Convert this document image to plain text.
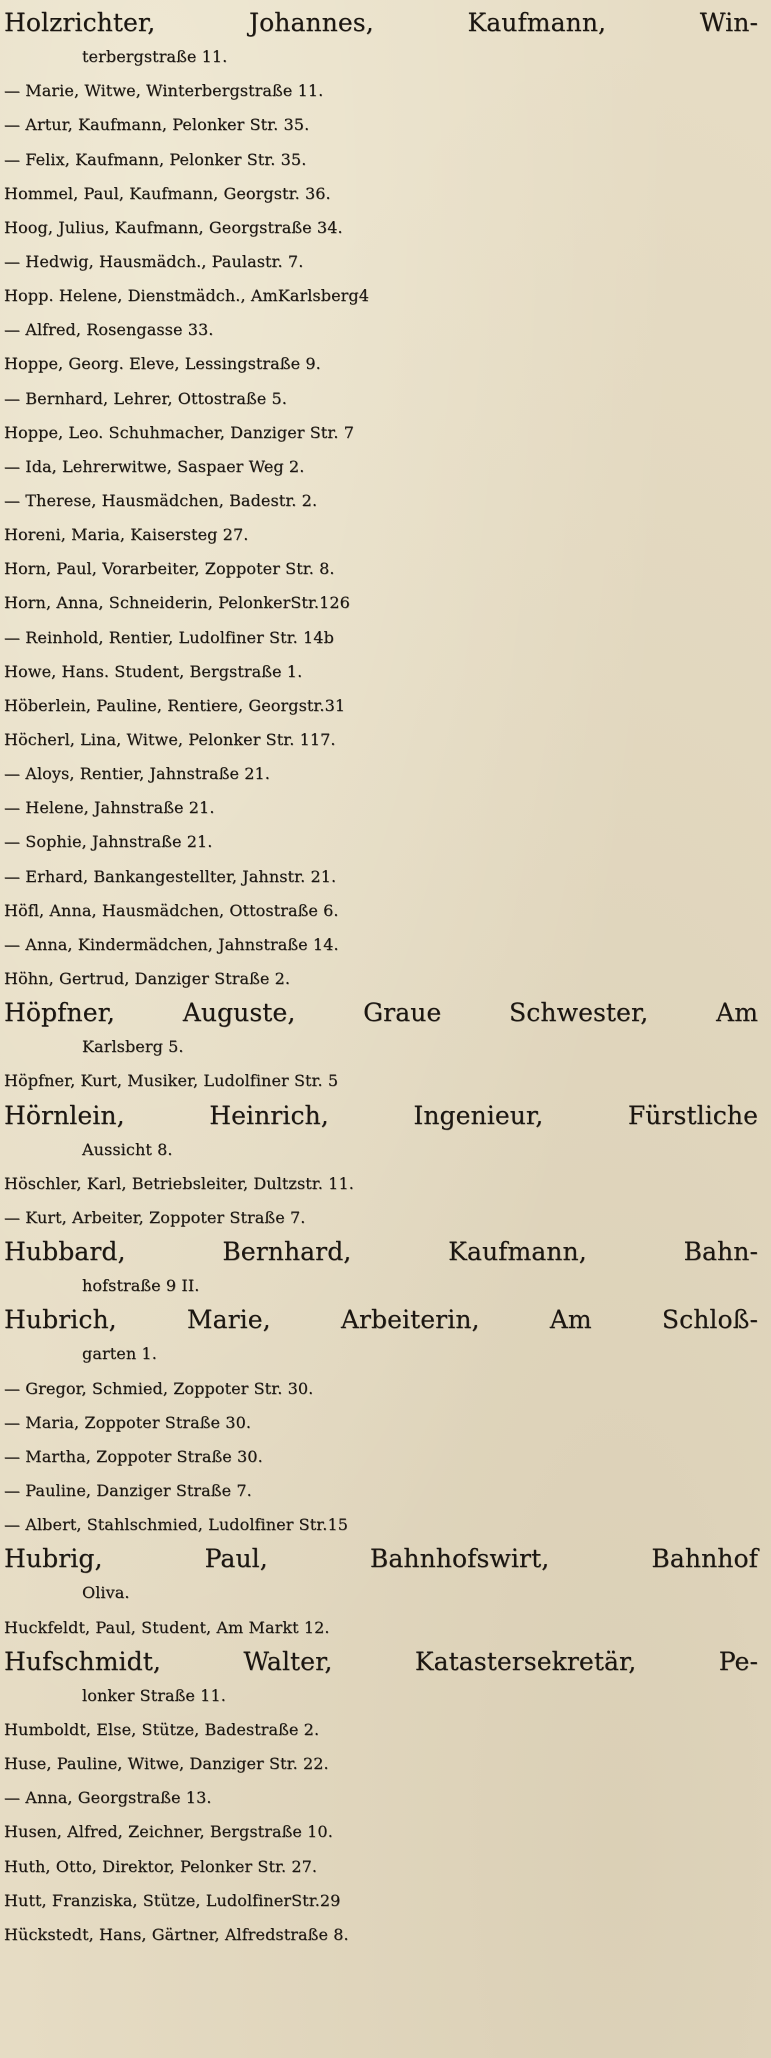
Holzrichter, Johannes, Kaufmann, Win-
terbergstraße 11.
— Marie, Witwe, Winterbergstraße 11.
— Artur, Kaufmann, Pelonker Str. 35.
— Felix, Kaufmann, Pelonker Str. 35.
Hommel, Paul, Kaufmann, Georgstr. 36.
Hoog, Julius, Kaufmann, Georgstraße 34.
— Hedwig, Hausmädch., Paulastr. 7.
Hopp. Helene, Dienstmädch., AmKarlsberg4
— Alfred, Rosengasse 33.
Hoppe, Georg. Eleve, Lessingstraße 9.
— Bernhard, Lehrer, Ottostraße 5.
Hoppe, Leo. Schuhmacher, Danziger Str. 7
— Ida, Lehrerwitwe, Saspaer Weg 2.
— Therese, Hausmädchen, Badestr. 2.
Horeni, Maria, Kaisersteg 27.
Horn, Paul, Vorarbeiter, Zoppoter Str. 8.
Horn, Anna, Schneiderin, PelonkerStr.126
— Reinhold, Rentier, Ludolfiner Str. 14b
Howe, Hans. Student, Bergstraße 1.
Höberlein, Pauline, Rentiere, Georgstr.31
Höcherl, Lina, Witwe, Pelonker Str. 117.
— Aloys, Rentier, Jahnstraße 21.
— Helene, Jahnstraße 21.
— Sophie, Jahnstraße 21.
— Erhard, Bankangestellter, Jahnstr. 21.
Höfl, Anna, Hausmädchen, Ottostraße 6.
— Anna, Kindermädchen, Jahnstraße 14.
Höhn, Gertrud, Danziger Straße 2.
Höpfner, Auguste, Graue Schwester, Am
Karlsberg 5.
Höpfner, Kurt, Musiker, Ludolfiner Str. 5
Hörnlein, Heinrich, Ingenieur, Fürstliche
Aussicht 8.
Höschler, Karl, Betriebsleiter, Dultzstr. 11.
— Kurt, Arbeiter, Zoppoter Straße 7.
Hubbard, Bernhard, Kaufmann, Bahn-
hofstraße 9 II.
Hubrich, Marie, Arbeiterin, Am Schloß-
garten 1.
— Gregor, Schmied, Zoppoter Str. 30.
— Maria, Zoppoter Straße 30.
— Martha, Zoppoter Straße 30.
— Pauline, Danziger Straße 7.
— Albert, Stahlschmied, Ludolfiner Str.15
Hubrig, Paul, Bahnhofswirt, Bahnhof
Oliva.
Huckfeldt, Paul, Student, Am Markt 12.
Hufschmidt, Walter, Katastersekretär, Pe-
lonker Straße 11.
Humboldt, Else, Stütze, Badestraße 2.
Huse, Pauline, Witwe, Danziger Str. 22.
— Anna, Georgstraße 13.
Husen, Alfred, Zeichner, Bergstraße 10.
Huth, Otto, Direktor, Pelonker Str. 27.
Hutt, Franziska, Stütze, LudolfinerStr.29
Hückstedt, Hans, Gärtner, Alfredstraße 8.
